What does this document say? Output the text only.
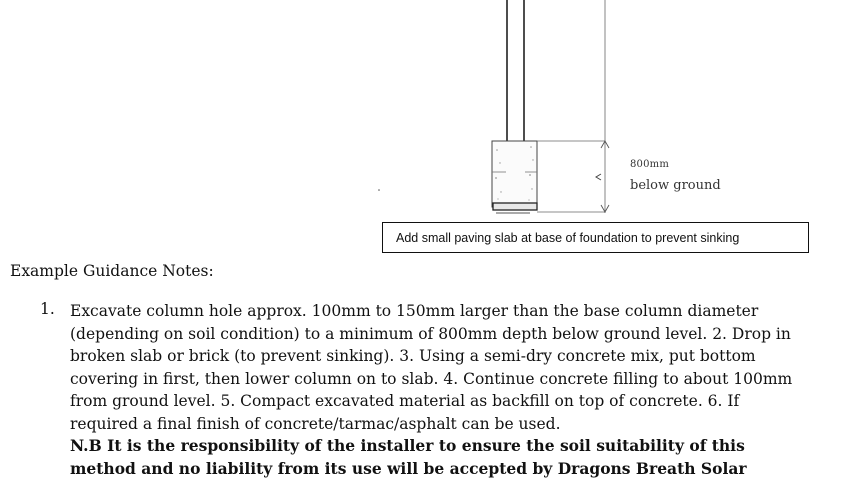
800mm
below ground
Add small paving slab at base of foundation to prevent sinking
Example Guidance Notes:
1. Excavate column hole approx. 100mm to 150mm larger than the base column diameter (depending on soil condition) to a minimum of 800mm depth below ground level. 2. Drop in broken slab or brick (to prevent sinking). 3. Using a semi-dry concrete mix, put bottom covering in first, then lower column on to slab. 4. Continue concrete filling to about 100mm from ground level. 5. Compact excavated material as backfill on top of concrete. 6. If required a final finish of concrete/tarmac/asphalt can be used.

N.B It is the responsibility of the installer to ensure the soil suitability of this method and no liability from its use will be accepted by Dragons Breath Solar
